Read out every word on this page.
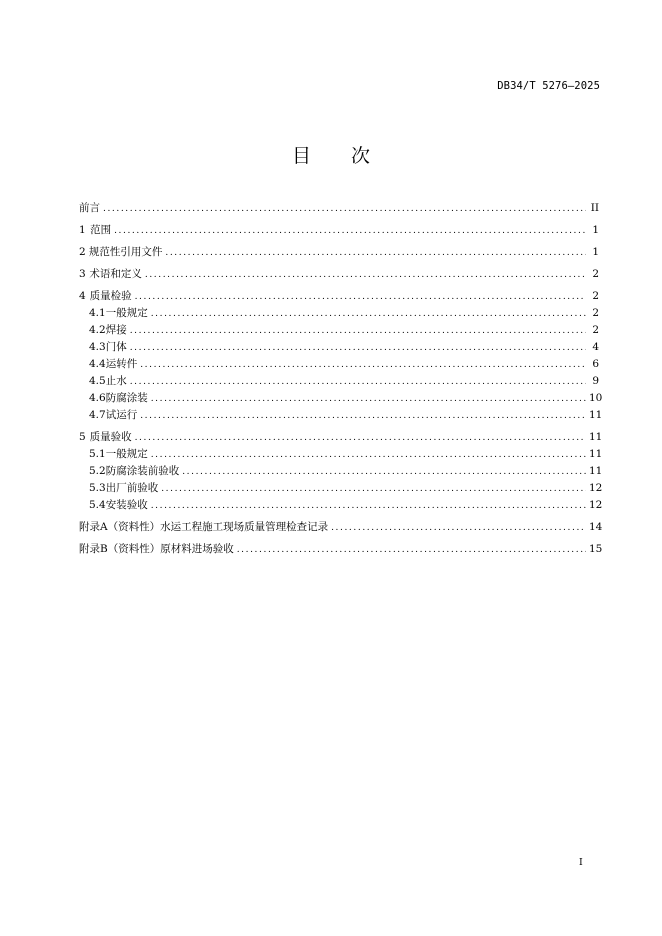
DB34/T 5276—2025
目 次
前言 .....	II
1 范围 .....	1
2 规范性引用文件 .....	1
3 术语和定义 .....	2
4 质量检验 .....	2
4.1 一般规定 .....	2
4.2 焊接 .....	2
4.3 门体 .....	4
4.4 运转件 .....	6
4.5 止水 .....	9
4.6 防腐涂装 .....	10
4.7 试运行 .....	11
5 质量验收 .....	11
5.1 一般规定 .....	11
5.2 防腐涂装前验收 .....	11
5.3 出厂前验收 .....	12
5.4 安装验收 .....	12
附录A（资料性）水运工程施工现场质量管理检查记录 .....	14
附录B（资料性）原材料进场验收 .....	15
I
